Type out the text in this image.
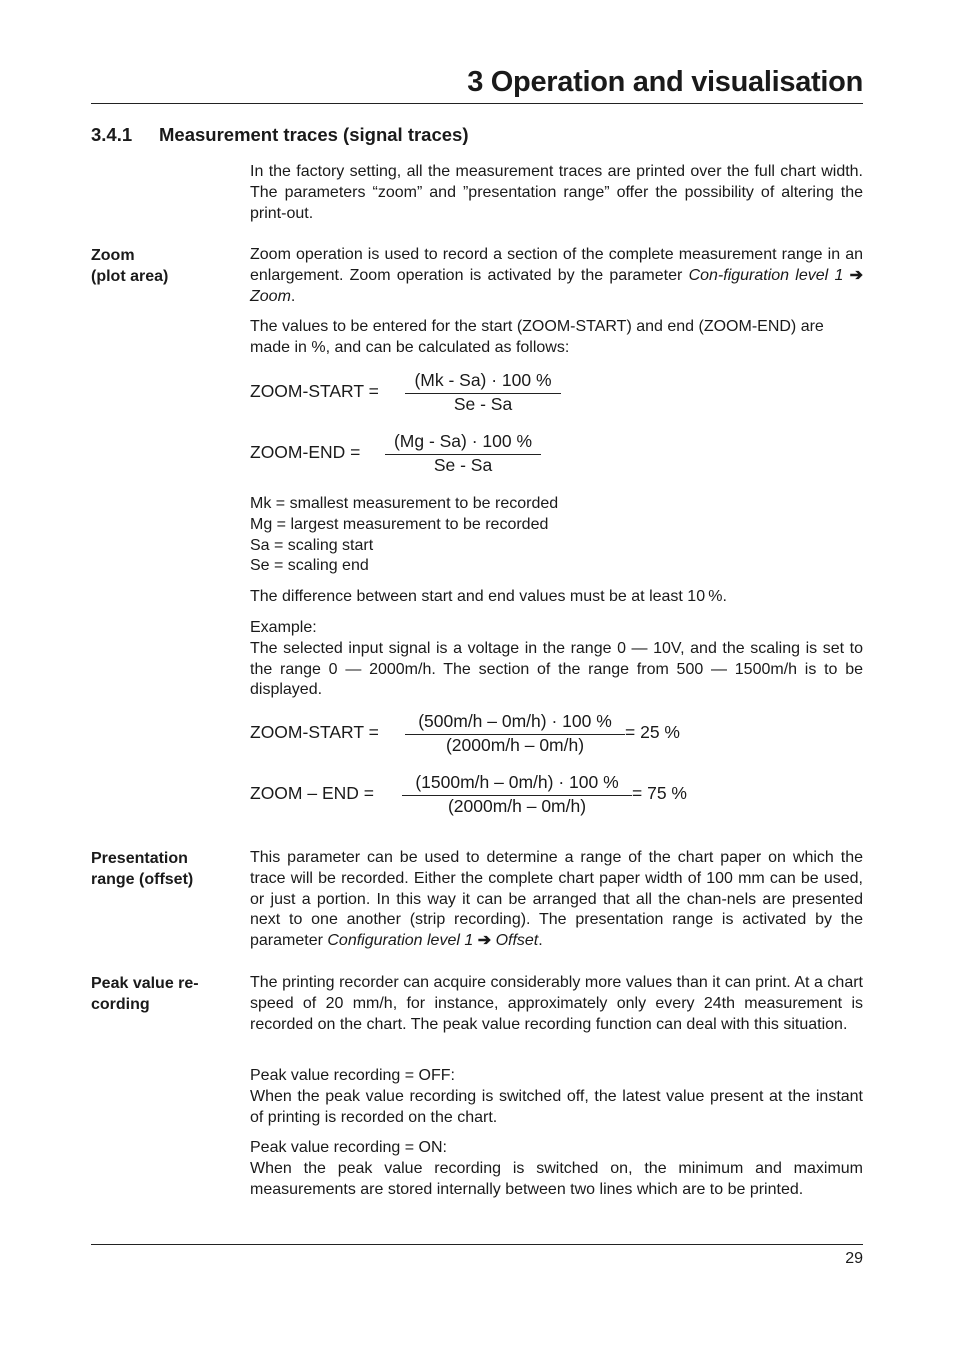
3 Operation and visualisation
3.4.1 Measurement traces (signal traces)
In the factory setting, all the measurement traces are printed over the full chart width. The parameters “zoom” and ”presentation range” offer the possibility of altering the print-out.
Zoom
(plot area)
Zoom operation is used to record a section of the complete measurement range in an enlargement. Zoom operation is activated by the parameter Con-figuration level 1 ➔ Zoom.
The values to be entered for the start (ZOOM-START) and end (ZOOM-END) are made in %, and can be calculated as follows:
ZOOM-START =
(Mk - Sa) · 100 %
Se - Sa
ZOOM-END =
(Mg - Sa) · 100 %
Se - Sa
Mk = smallest measurement to be recorded
Mg = largest measurement to be recorded
Sa = scaling start
Se = scaling end
The difference between start and end values must be at least 10 %.
Example:
The selected input signal is a voltage in the range 0 — 10V, and the scaling is set to the range 0 — 2000m/h. The section of the range from 500 — 1500m/h is to be displayed.
ZOOM-START =
(500m/h – 0m/h) · 100 %
(2000m/h – 0m/h)
= 25 %
ZOOM – END =
(1500m/h – 0m/h) · 100 %
(2000m/h – 0m/h)
= 75 %
Presentation
range (offset)
This parameter can be used to determine a range of the chart paper on which the trace will be recorded. Either the complete chart paper width of 100 mm can be used, or just a portion. In this way it can be arranged that all the chan-nels are presented next to one another (strip recording). The presentation range is activated by the parameter Configuration level 1 ➔ Offset.
Peak value re-
cording
The printing recorder can acquire considerably more values than it can print. At a chart speed of 20 mm/h, for instance, approximately only every 24th measurement is recorded on the chart. The peak value recording function can deal with this situation.
Peak value recording = OFF:
When the peak value recording is switched off, the latest value present at the instant of printing is recorded on the chart.
Peak value recording = ON:
When the peak value recording is switched on, the minimum and maximum measurements are stored internally between two lines which are to be printed.
29
